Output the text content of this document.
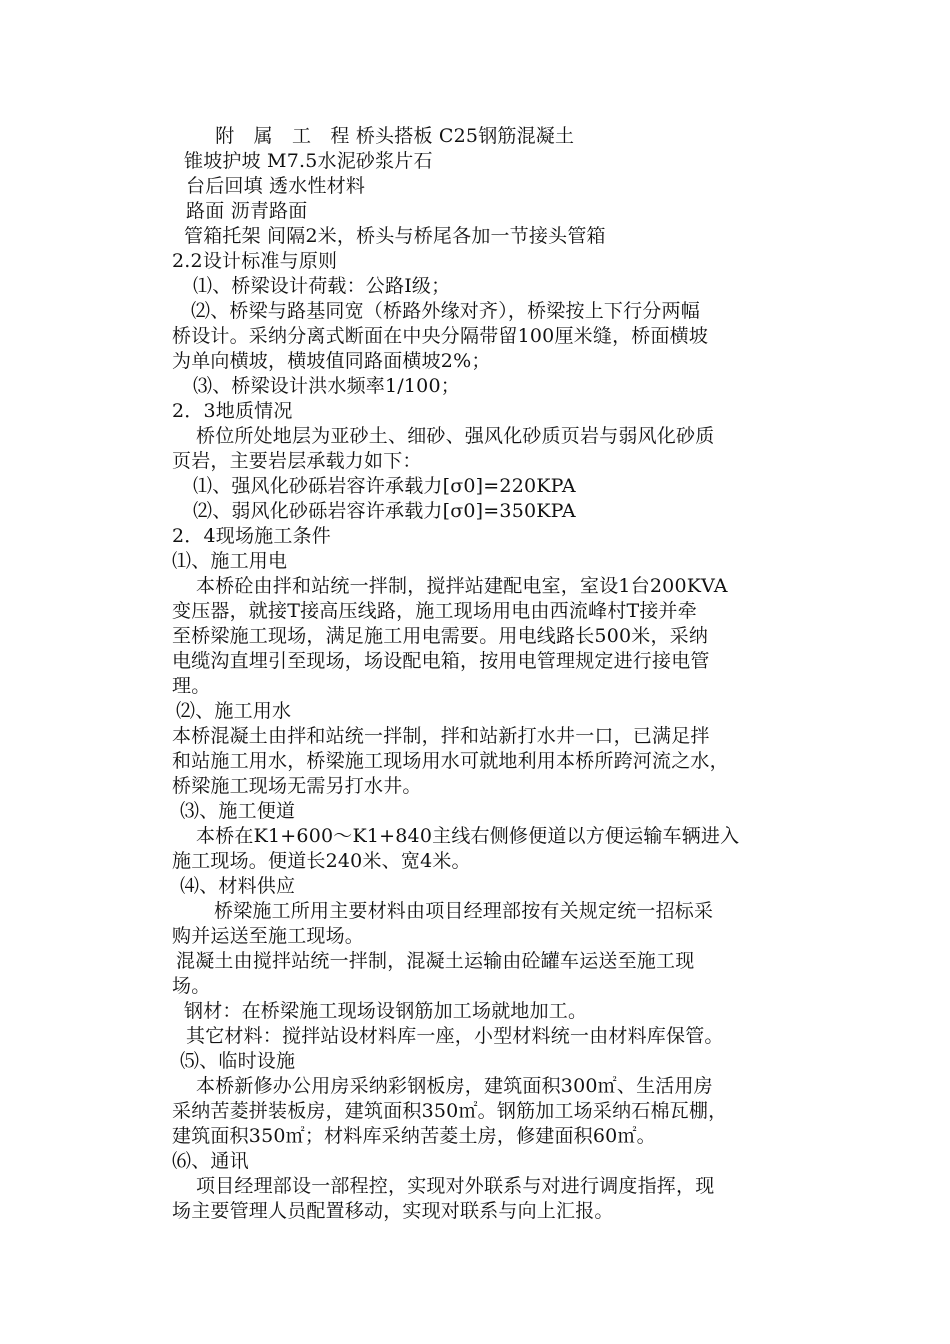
　附　属　工　程 桥头搭板 C25钢筋混凝土
锥坡护坡 M7.5水泥砂浆片石
台后回填 透水性材料
路面 沥青路面
管箱托架 间隔2米，桥头与桥尾各加一节接头管箱
2.2设计标准与原则
⑴、桥梁设计荷载：公路Ⅰ级；
⑵、桥梁与路基同宽（桥路外缘对齐），桥梁按上下行分两幅
桥设计。采纳分离式断面在中央分隔带留100厘米缝，桥面横坡
为单向横坡，横坡值同路面横坡2%；
⑶、桥梁设计洪水频率1/100；
2．3地质情况
桥位所处地层为亚砂土、细砂、强风化砂质页岩与弱风化砂质
页岩，主要岩层承载力如下：
⑴、强风化砂砾岩容许承载力[σ0]=220KPA
⑵、弱风化砂砾岩容许承载力[σ0]=350KPA
2．4现场施工条件
⑴、施工用电
本桥砼由拌和站统一拌制，搅拌站建配电室，室设1台200KVA
变压器，就接T接高压线路，施工现场用电由西流峰村T接并牵
至桥梁施工现场，满足施工用电需要。用电线路长500米，采纳
电缆沟直埋引至现场，场设配电箱，按用电管理规定进行接电管
理。
⑵、施工用水
本桥混凝土由拌和站统一拌制，拌和站新打水井一口，已满足拌
和站施工用水，桥梁施工现场用水可就地利用本桥所跨河流之水，
桥梁施工现场无需另打水井。
⑶、施工便道
本桥在K1+600～K1+840主线右侧修便道以方便运输车辆进入
施工现场。便道长240米、宽4米。
⑷、材料供应
桥梁施工所用主要材料由项目经理部按有关规定统一招标采
购并运送至施工现场。
混凝土由搅拌站统一拌制，混凝土运输由砼罐车运送至施工现
场。
钢材：在桥梁施工现场设钢筋加工场就地加工。
其它材料：搅拌站设材料库一座，小型材料统一由材料库保管。
⑸、临时设施
本桥新修办公用房采纳彩钢板房，建筑面积300㎡、生活用房
采纳苦菱拼装板房，建筑面积350㎡。钢筋加工场采纳石棉瓦棚，
建筑面积350㎡；材料库采纳苦菱土房，修建面积60㎡。
⑹、通讯
项目经理部设一部程控，实现对外联系与对进行调度指挥，现
场主要管理人员配置移动，实现对联系与向上汇报。
